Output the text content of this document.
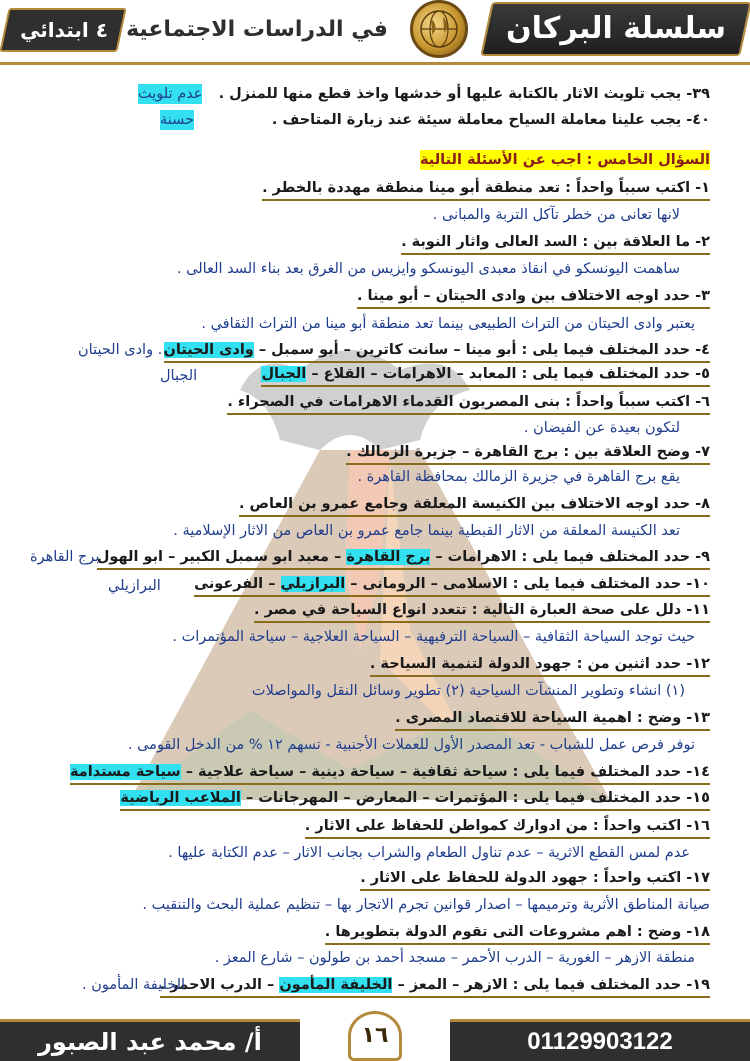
٤ ابتدائي في الدراسات الاجتماعية	سلسلة البركان
٣٩- يجب تلويث الاثار بالكتابة عليها أو خدشها واخذ قطع منها للمنزل .
عدم تلويث
٤٠- يجب علينا معاملة السياح معاملة سيئة عند زيارة المتاحف .
حسنة
السؤال الخامس : اجب عن الأسئلة التالية
١- اكتب سبباً واحداً : تعد منطقة أبو مينا منطقة مهددة بالخطر .
لانها تعانى من خطر تآكل التربة والمبانى .
٢- ما العلاقة بين : السد العالى واثار النوبة .
ساهمت اليونسكو في انقاذ معبدى اليونسكو وايزيس من الغرق بعد بناء السد العالى .
٣- حدد اوجه الاختلاف بين وادى الحيتان – أبو مينا .
يعتبر وادى الحيتان من التراث الطبيعى بينما تعد منطقة أبو مينا من التراث الثقافي .
٤- حدد المختلف فيما يلى : أبو مينا – سانت كاترين – أبو سمبل – وادى الحيتان
. وادى الحيتان
٥- حدد المختلف فيما يلى : المعابد – الاهرامات – القلاع – الجبال
الجبال
٦- اكتب سبباً واحداً : بنى المصريون القدماء الاهرامات في الصحراء .
لتكون بعيدة عن الفيضان .
٧- وضح العلاقة بين : برج القاهرة – جزيرة الزمالك .
يقع برج القاهرة في جزيرة الزمالك بمحافظة القاهرة .
٨- حدد اوجه الاختلاف بين الكنيسة المعلقة وجامع عمرو بن العاص .
تعد الكنيسة المعلقة من الاثار القبطية بينما جامع عمرو بن العاص من الاثار الإسلامية .
٩- حدد المختلف فيما يلى : الاهرامات – برج القاهرة – معبد ابو سمبل الكبير – ابو الهول
برج القاهرة
١٠- حدد المختلف فيما يلى : الاسلامى – الرومانى – البرازيلي – الفرعونى
البرازيلي
١١- دلل على صحة العبارة التالية : تتعدد انواع السياحة في مصر .
حيث توجد السياحة الثقافية – السياحة الترفيهية – السياحة العلاجية – سياحة المؤتمرات .
١٢- حدد اثنين من : جهود الدولة لتنمية السياحة .
(١) انشاء وتطوير المنشآت السياحية (٢) تطوير وسائل النقل والمواصلات
١٣- وضح : اهمية السياحة للاقتصاد المصرى .
توفر فرص عمل للشباب - تعد المصدر الأول للعملات الأجنبية - تسهم ١٢ % من الدخل القومى .
١٤- حدد المختلف فيما يلى : سياحة ثقافية – سياحة دينية – سياحة علاجية – سياحة مستدامة
١٥- حدد المختلف فيما يلى : المؤتمرات – المعارض – المهرجانات – الملاعب الرياضية
١٦- اكتب واحداً : من ادوارك كمواطن للحفاظ على الاثار .
عدم لمس القطع الاثرية – عدم تناول الطعام والشراب بجانب الاثار – عدم الكتابة عليها .
١٧- اكتب واحداً : جهود الدولة للحفاظ على الاثار .
صيانة المناطق الأثرية وترميمها – اصدار قوانين تجرم الاتجار بها – تنظيم عملية البحث والتنقيب .
١٨- وضح : اهم مشروعات التى تقوم الدولة بتطويرها .
منطقة الازهر – الغورية – الدرب الأحمر – مسجد أحمد بن طولون – شارع المعز .
١٩- حدد المختلف فيما يلى : الازهر – المعز – الخليفة المأمون – الدرب الاحمر .
الخليفة المأمون .
أ/ محمد عبد الصبور	١٦	01129903122
